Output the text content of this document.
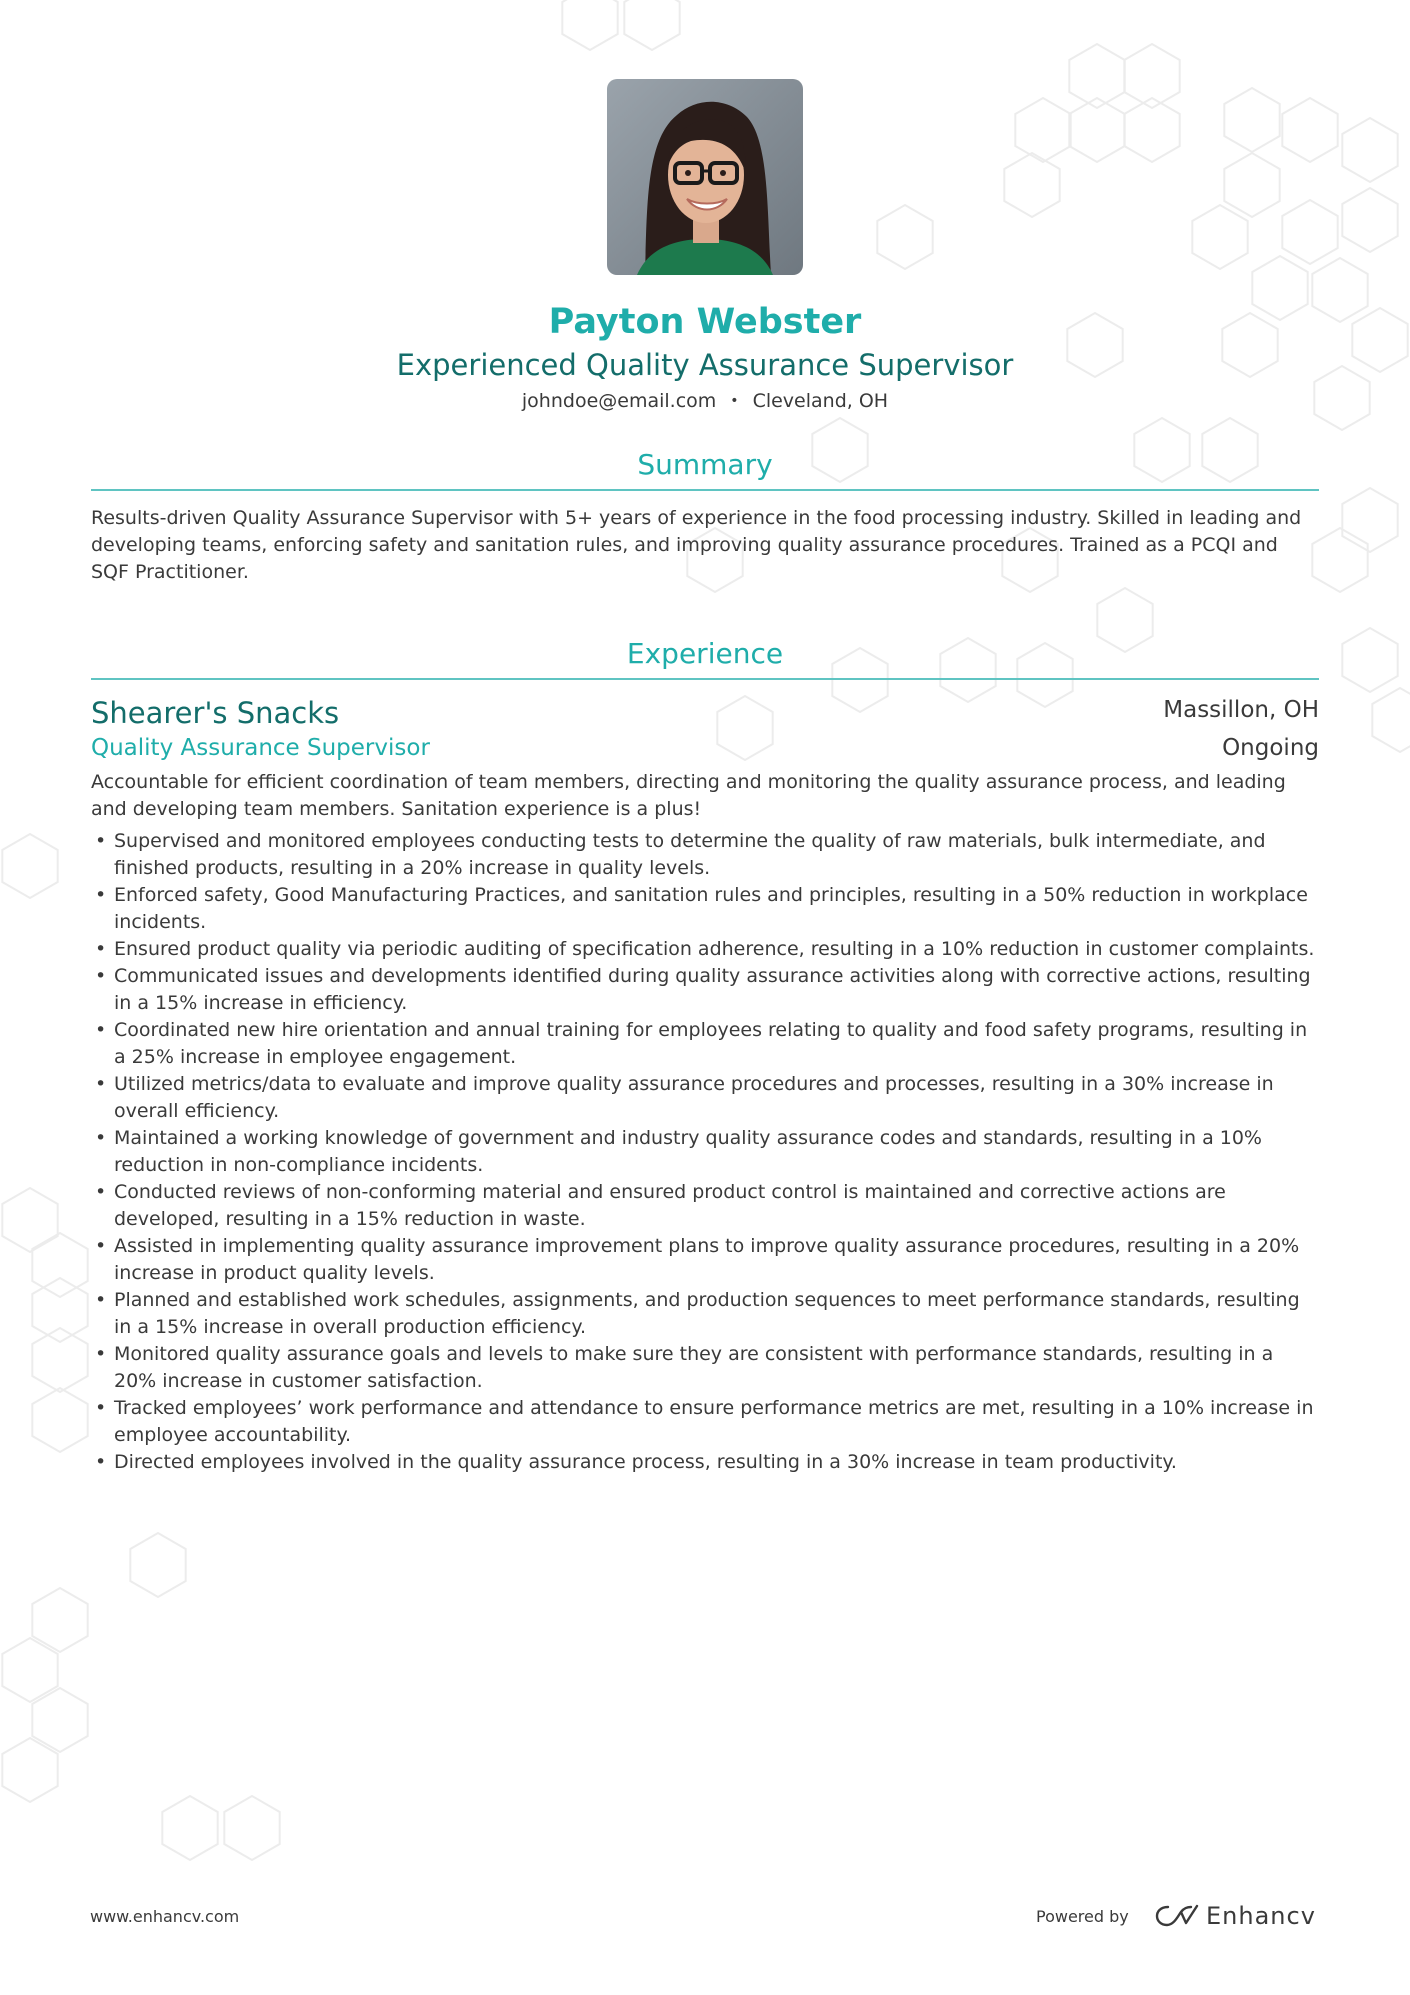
Payton Webster
Experienced Quality Assurance Supervisor
johndoe@email.com • Cleveland, OH
Summary
Results-driven Quality Assurance Supervisor with 5+ years of experience in the food processing industry. Skilled in leading and developing teams, enforcing safety and sanitation rules, and improving quality assurance procedures. Trained as a PCQI and SQF Practitioner.
Experience
Shearer's Snacks	Massillon, OH
Quality Assurance Supervisor	Ongoing
Accountable for efficient coordination of team members, directing and monitoring the quality assurance process, and leading and developing team members. Sanitation experience is a plus!
• Supervised and monitored employees conducting tests to determine the quality of raw materials, bulk intermediate, and finished products, resulting in a 20% increase in quality levels.
• Enforced safety, Good Manufacturing Practices, and sanitation rules and principles, resulting in a 50% reduction in workplace incidents.
• Ensured product quality via periodic auditing of specification adherence, resulting in a 10% reduction in customer complaints.
• Communicated issues and developments identified during quality assurance activities along with corrective actions, resulting in a 15% increase in efficiency.
• Coordinated new hire orientation and annual training for employees relating to quality and food safety programs, resulting in a 25% increase in employee engagement.
• Utilized metrics/data to evaluate and improve quality assurance procedures and processes, resulting in a 30% increase in overall efficiency.
• Maintained a working knowledge of government and industry quality assurance codes and standards, resulting in a 10% reduction in non-compliance incidents.
• Conducted reviews of non-conforming material and ensured product control is maintained and corrective actions are developed, resulting in a 15% reduction in waste.
• Assisted in implementing quality assurance improvement plans to improve quality assurance procedures, resulting in a 20% increase in product quality levels.
• Planned and established work schedules, assignments, and production sequences to meet performance standards, resulting in a 15% increase in overall production efficiency.
• Monitored quality assurance goals and levels to make sure they are consistent with performance standards, resulting in a 20% increase in customer satisfaction.
• Tracked employees’ work performance and attendance to ensure performance metrics are met, resulting in a 10% increase in employee accountability.
• Directed employees involved in the quality assurance process, resulting in a 30% increase in team productivity.
www.enhancv.com	Powered by	Enhancv
